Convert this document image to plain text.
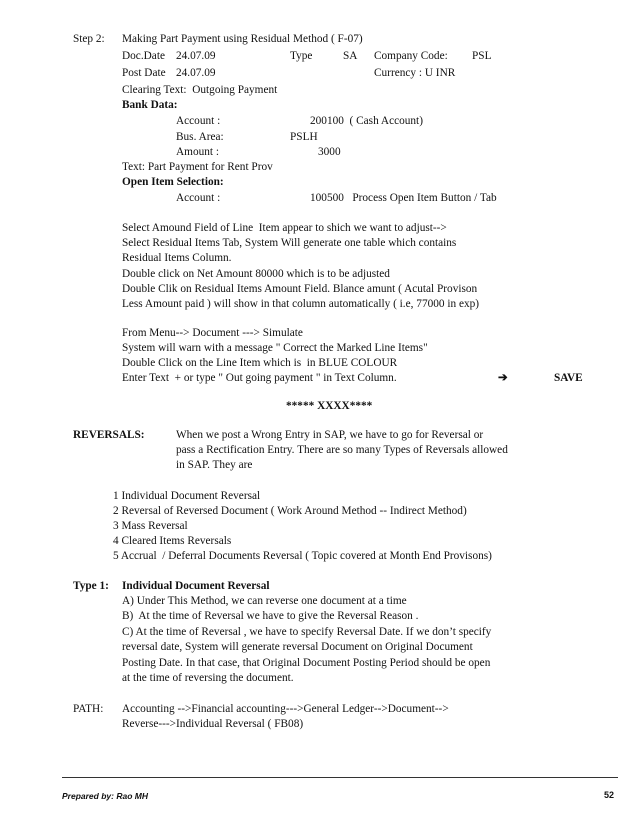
Step 2: Making Part Payment using Residual Method ( F-07)
Doc.Date 24.07.09	Type	SA Company Code: PSL
Post Date 24.07.09	Currency : U INR
Clearing Text:  Outgoing Payment
Bank Data:
Account :	200100  ( Cash Account)
Bus. Area:	PSLH
Amount :	3000
Text: Part Payment for Rent Prov
Open Item Selection:
Account :	100500   Process Open Item Button / Tab
Select Amound Field of Line  Item appear to shich we want to adjust-->
Select Residual Items Tab, System Will generate one table which contains
Residual Items Column.
Double click on Net Amount 80000 which is to be adjusted
Double Clik on Residual Items Amount Field. Blance amunt ( Acutal Provison
Less Amount paid ) will show in that column automatically ( i.e, 77000 in exp)
From Menu--> Document ---> Simulate
System will warn with a message " Correct the Marked Line Items"
Double Click on the Line Item which is  in BLUE COLOUR
Enter Text  + or type " Out going payment " in Text Column.	➔	SAVE
***** XXXX****
REVERSALS:	When we post a Wrong Entry in SAP, we have to go for Reversal or
pass a Rectification Entry. There are so many Types of Reversals allowed
in SAP. They are
1 Individual Document Reversal
2 Reversal of Reversed Document ( Work Around Method -- Indirect Method)
3 Mass Reversal
4 Cleared Items Reversals
5 Accrual  / Deferral Documents Reversal ( Topic covered at Month End Provisons)
Type 1: Individual Document Reversal
A) Under This Method, we can reverse one document at a time
B)  At the time of Reversal we have to give the Reversal Reason .
C) At the time of Reversal , we have to specify Reversal Date. If we don’t specify
reversal date, System will generate reversal Document on Original Document
Posting Date. In that case, that Original Document Posting Period should be open
at the time of reversing the document.
PATH: Accounting -->Financial accounting--->General Ledger-->Document-->
Reverse--->Individual Reversal ( FB08)
Prepared by: Rao MH	52
